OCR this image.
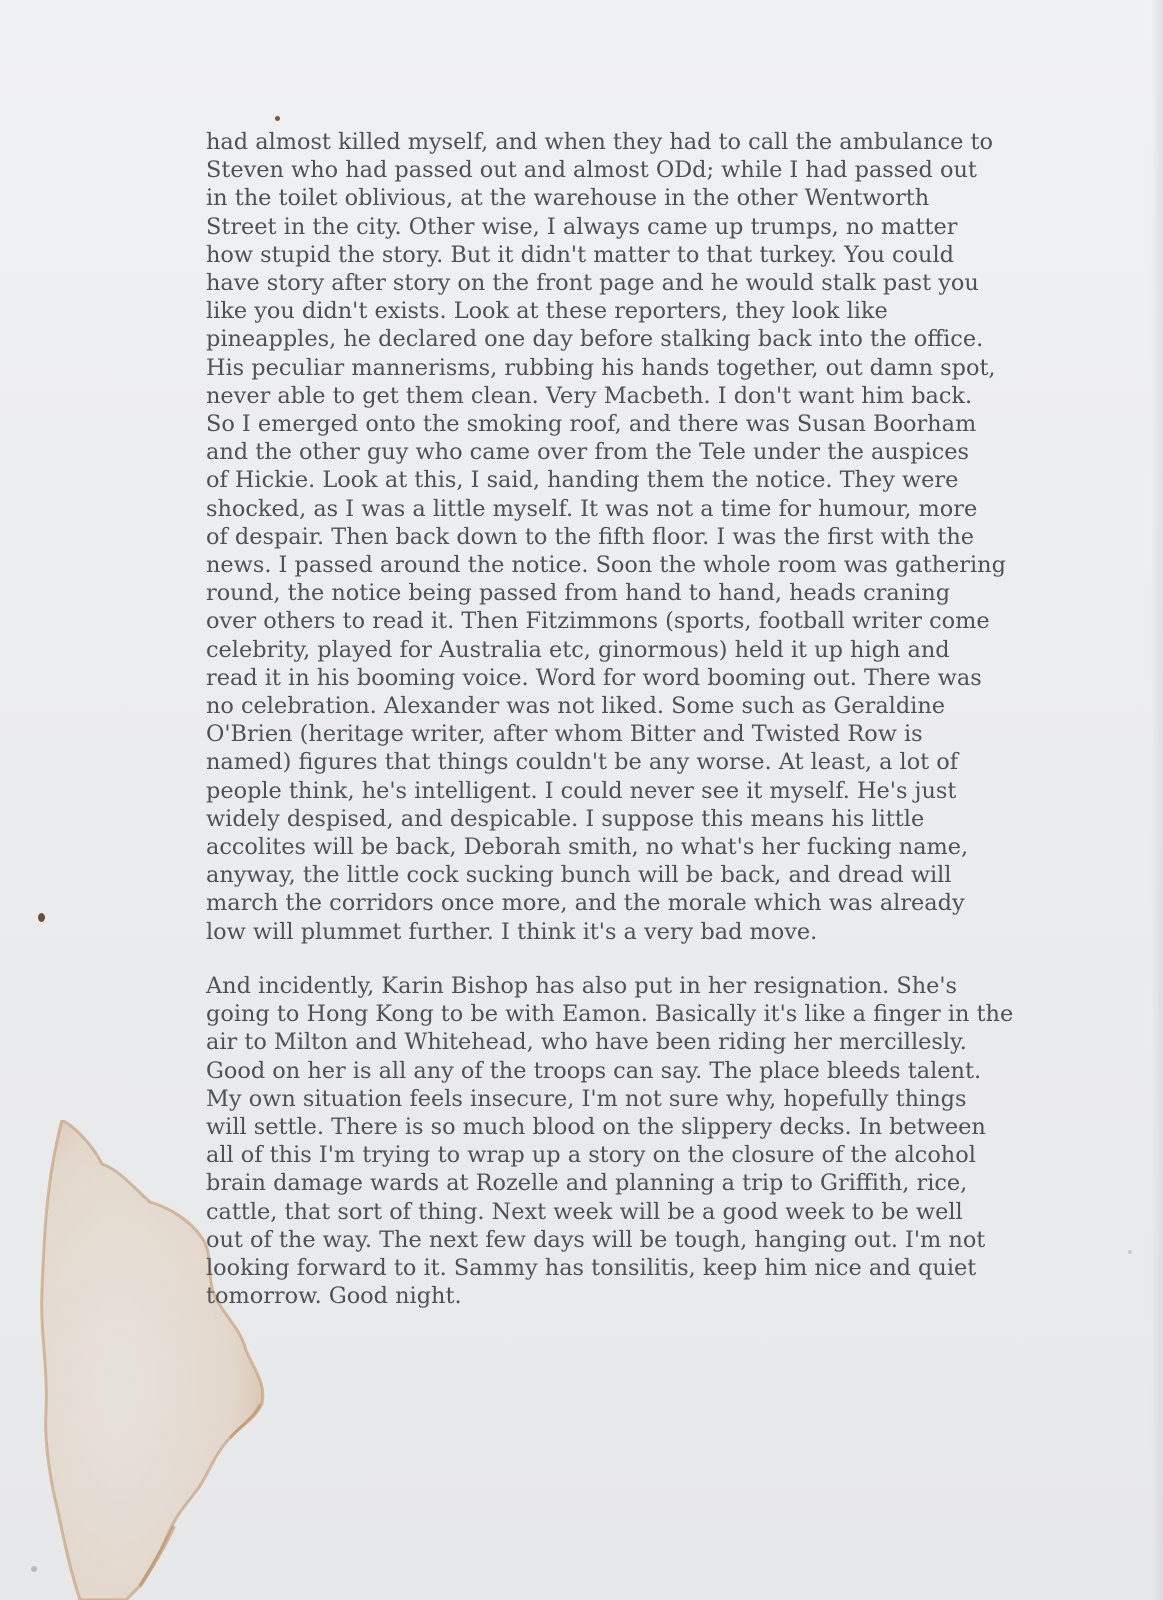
had almost killed myself, and when they had to call the ambulance to
Steven who had passed out and almost ODd; while I had passed out
in the toilet oblivious, at the warehouse in the other Wentworth
Street in the city. Other wise, I always came up trumps, no matter
how stupid the story. But it didn't matter to that turkey. You could
have story after story on the front page and he would stalk past you
like you didn't exists. Look at these reporters, they look like
pineapples, he declared one day before stalking back into the office.
His peculiar mannerisms, rubbing his hands together, out damn spot,
never able to get them clean. Very Macbeth. I don't want him back.
So I emerged onto the smoking roof, and there was Susan Boorham
and the other guy who came over from the Tele under the auspices
of Hickie. Look at this, I said, handing them the notice. They were
shocked, as I was a little myself. It was not a time for humour, more
of despair. Then back down to the fifth floor. I was the first with the
news. I passed around the notice. Soon the whole room was gathering
round, the notice being passed from hand to hand, heads craning
over others to read it. Then Fitzimmons (sports, football writer come
celebrity, played for Australia etc, ginormous) held it up high and
read it in his booming voice. Word for word booming out. There was
no celebration. Alexander was not liked. Some such as Geraldine
O'Brien (heritage writer, after whom Bitter and Twisted Row is
named) figures that things couldn't be any worse. At least, a lot of
people think, he's intelligent. I could never see it myself. He's just
widely despised, and despicable. I suppose this means his little
accolites will be back, Deborah smith, no what's her fucking name,
anyway, the little cock sucking bunch will be back, and dread will
march the corridors once more, and the morale which was already
low will plummet further. I think it's a very bad move.

And incidently, Karin Bishop has also put in her resignation. She's
going to Hong Kong to be with Eamon. Basically it's like a finger in the
air to Milton and Whitehead, who have been riding her mercillesly.
Good on her is all any of the troops can say. The place bleeds talent.
My own situation feels insecure, I'm not sure why, hopefully things
will settle. There is so much blood on the slippery decks. In between
all of this I'm trying to wrap up a story on the closure of the alcohol
brain damage wards at Rozelle and planning a trip to Griffith, rice,
cattle, that sort of thing. Next week will be a good week to be well
out of the way. The next few days will be tough, hanging out. I'm not
looking forward to it. Sammy has tonsilitis, keep him nice and quiet
tomorrow. Good night.
